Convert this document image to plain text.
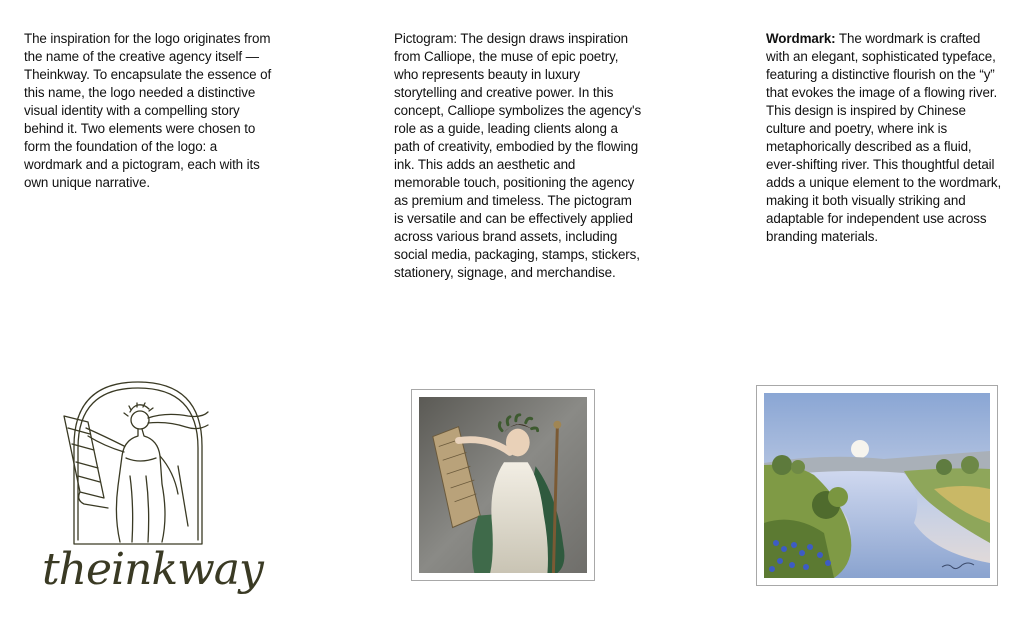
The inspiration for the logo originates from the name of the creative agency itself — Theinkway. To encapsulate the essence of this name, the logo needed a distinctive visual identity with a compelling story behind it. Two elements were chosen to form the foundation of the logo: a wordmark and a pictogram, each with its own unique narrative.

Pictogram: The design draws inspiration from Calliope, the muse of epic poetry, who represents beauty in luxury storytelling and creative power. In this concept, Calliope symbolizes the agency's role as a guide, leading clients along a path of creativity, embodied by the flowing ink. This adds an aesthetic and memorable touch, positioning the agency as premium and timeless. The pictogram is versatile and can be effectively applied across various brand assets, including social media, packaging, stamps, stickers, stationery, signage, and merchandise.

Wordmark: The wordmark is crafted with an elegant, sophisticated typeface, featuring a distinctive flourish on the “y” that evokes the image of a flowing river. This design is inspired by Chinese culture and poetry, where ink is metaphorically described as a fluid, ever-shifting river. This thoughtful detail adds a unique element to the wordmark, making it both visually striking and adaptable for independent use across branding materials.

theinkway
